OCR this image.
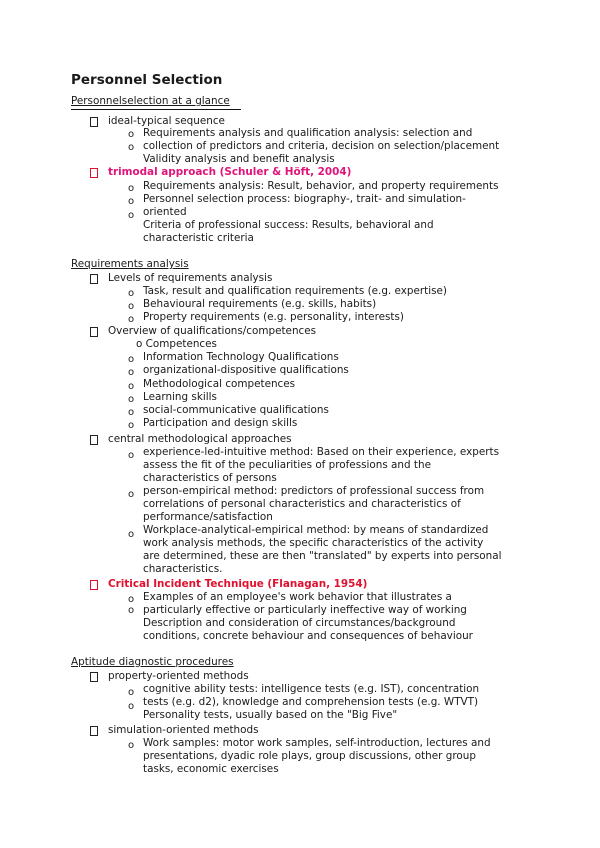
Personnel Selection
Personnelselection at a glance
ideal-typical sequence
o Requirements analysis and qualification analysis: selection and
o collection of predictors and criteria, decision on selection/placement
Validity analysis and benefit analysis
trimodal approach (Schuler & Höft, 2004)
o Requirements analysis: Result, behavior, and property requirements
o Personnel selection process: biography-, trait- and simulation-
oriented
o
Criteria of professional success: Results, behavioral and
characteristic criteria
Requirements analysis
Levels of requirements analysis
o Task, result and qualification requirements (e.g. expertise)
o Behavioural requirements (e.g. skills, habits)
o Property requirements (e.g. personality, interests)
Overview of qualifications/competences
o Competences
o Information Technology Qualifications
o organizational-dispositive qualifications
o Methodological competences
o Learning skills
o social-communicative qualifications
o Participation and design skills
central methodological approaches
o experience-led-intuitive method: Based on their experience, experts
assess the fit of the peculiarities of professions and the
characteristics of persons
o person-empirical method: predictors of professional success from
correlations of personal characteristics and characteristics of
performance/satisfaction
o Workplace-analytical-empirical method: by means of standardized
work analysis methods, the specific characteristics of the activity
are determined, these are then "translated" by experts into personal
characteristics.
Critical Incident Technique (Flanagan, 1954)
o Examples of an employee's work behavior that illustrates a
o particularly effective or particularly ineffective way of working
Description and consideration of circumstances/background
conditions, concrete behaviour and consequences of behaviour
Aptitude diagnostic procedures
property-oriented methods
o cognitive ability tests: intelligence tests (e.g. IST), concentration
o tests (e.g. d2), knowledge and comprehension tests (e.g. WTVT)
Personality tests, usually based on the "Big Five"
simulation-oriented methods
o Work samples: motor work samples, self-introduction, lectures and
presentations, dyadic role plays, group discussions, other group
tasks, economic exercises
